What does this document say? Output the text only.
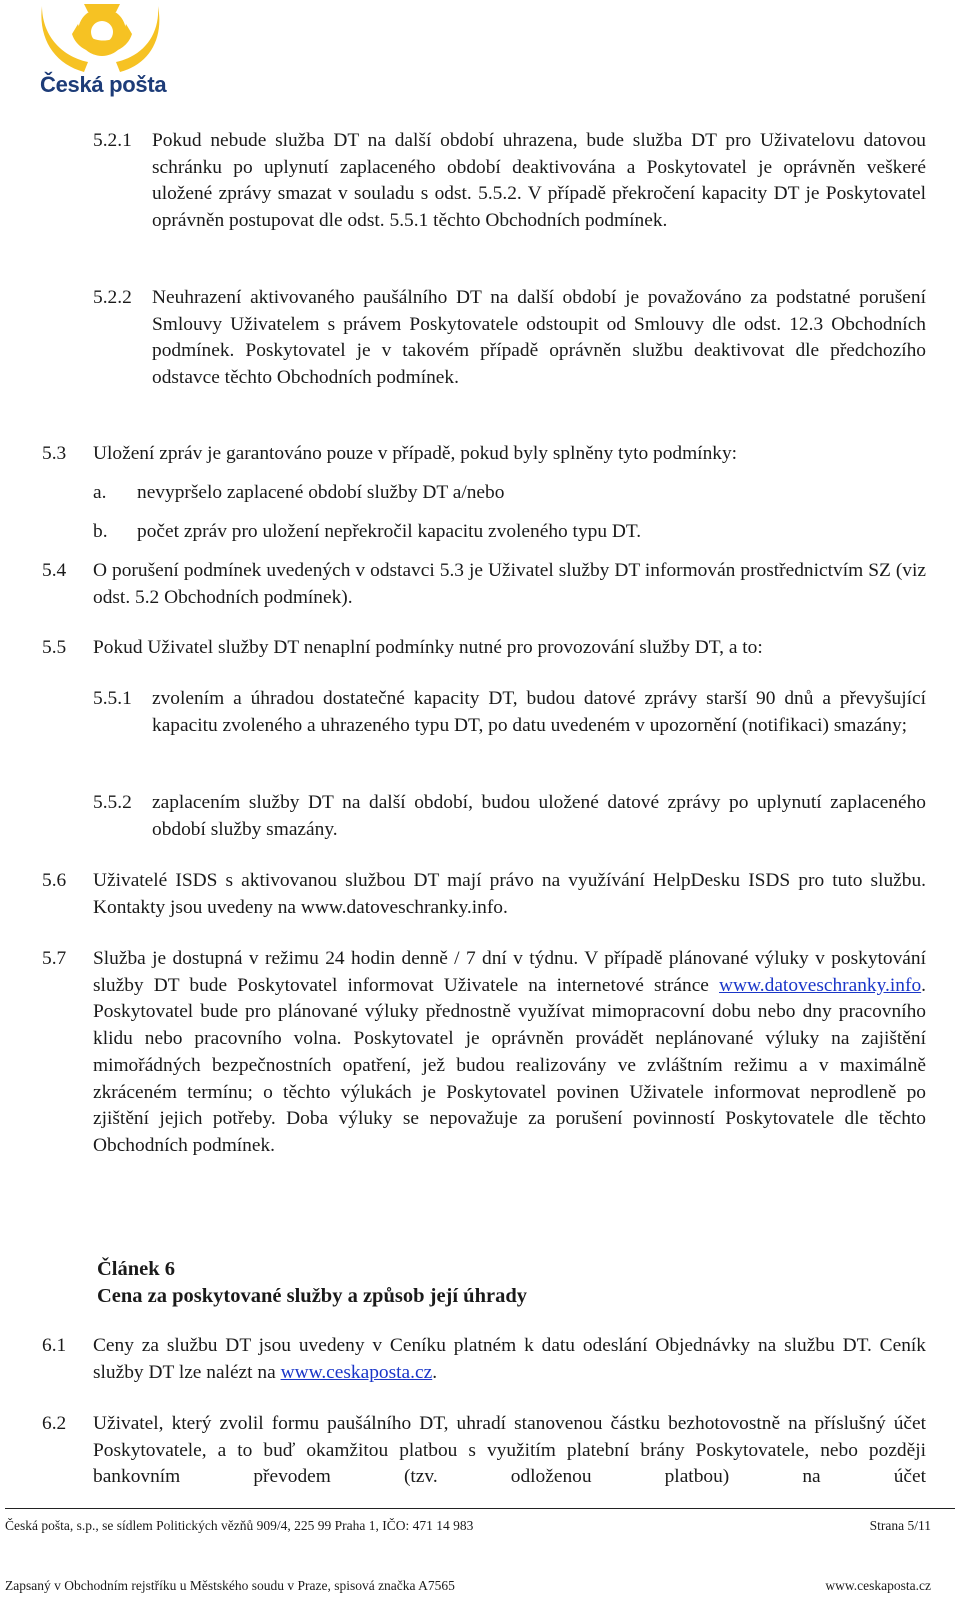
Česká pošta
5.2.1 Pokud nebude služba DT na další období uhrazena, bude služba DT pro Uživatelovu datovou schránku po uplynutí zaplaceného období deaktivována a Poskytovatel je oprávněn veškeré uložené zprávy smazat v souladu s odst. 5.5.2. V případě překročení kapacity DT je Poskytovatel oprávněn postupovat dle odst. 5.5.1 těchto Obchodních podmínek.
5.2.2 Neuhrazení aktivovaného paušálního DT na další období je považováno za podstatné porušení Smlouvy Uživatelem s právem Poskytovatele odstoupit od Smlouvy dle odst. 12.3 Obchodních podmínek. Poskytovatel je v takovém případě oprávněn službu deaktivovat dle předchozího odstavce těchto Obchodních podmínek.
5.3 Uložení zpráv je garantováno pouze v případě, pokud byly splněny tyto podmínky:
a. nevypršelo zaplacené období služby DT a/nebo
b. počet zpráv pro uložení nepřekročil kapacitu zvoleného typu DT.
5.4 O porušení podmínek uvedených v odstavci 5.3 je Uživatel služby DT informován prostřednictvím SZ (viz odst. 5.2 Obchodních podmínek).
5.5 Pokud Uživatel služby DT nenaplní podmínky nutné pro provozování služby DT, a to:
5.5.1 zvolením a úhradou dostatečné kapacity DT, budou datové zprávy starší 90 dnů a převyšující kapacitu zvoleného a uhrazeného typu DT, po datu uvedeném v upozornění (notifikaci) smazány;
5.5.2 zaplacením služby DT na další období, budou uložené datové zprávy po uplynutí zaplaceného období služby smazány.
5.6 Uživatelé ISDS s aktivovanou službou DT mají právo na využívání HelpDesku ISDS pro tuto službu. Kontakty jsou uvedeny na www.datoveschranky.info.
5.7 Služba je dostupná v režimu 24 hodin denně / 7 dní v týdnu. V případě plánované výluky v poskytování služby DT bude Poskytovatel informovat Uživatele na internetové stránce www.datoveschranky.info. Poskytovatel bude pro plánované výluky přednostně využívat mimopracovní dobu nebo dny pracovního klidu nebo pracovního volna. Poskytovatel je oprávněn provádět neplánované výluky na zajištění mimořádných bezpečnostních opatření, jež budou realizovány ve zvláštním režimu a v maximálně zkráceném termínu; o těchto výlukách je Poskytovatel povinen Uživatele informovat neprodleně po zjištění jejich potřeby. Doba výluky se nepovažuje za porušení povinností Poskytovatele dle těchto Obchodních podmínek.
Článek 6
Cena za poskytované služby a způsob její úhrady
6.1 Ceny za službu DT jsou uvedeny v Ceníku platném k datu odeslání Objednávky na službu DT. Ceník služby DT lze nalézt na www.ceskaposta.cz.
6.2 Uživatel, který zvolil formu paušálního DT, uhradí stanovenou částku bezhotovostně na příslušný účet Poskytovatele, a to buď okamžitou platbou s využitím platební brány Poskytovatele, nebo později bankovním převodem (tzv. odloženou platbou) na účet
Česká pošta, s.p., se sídlem Politických vězňů 909/4, 225 99 Praha 1, IČO: 471 14 983	Strana 5/11
Zapsaný v Obchodním rejstříku u Městského soudu v Praze, spisová značka A7565	www.ceskaposta.cz
